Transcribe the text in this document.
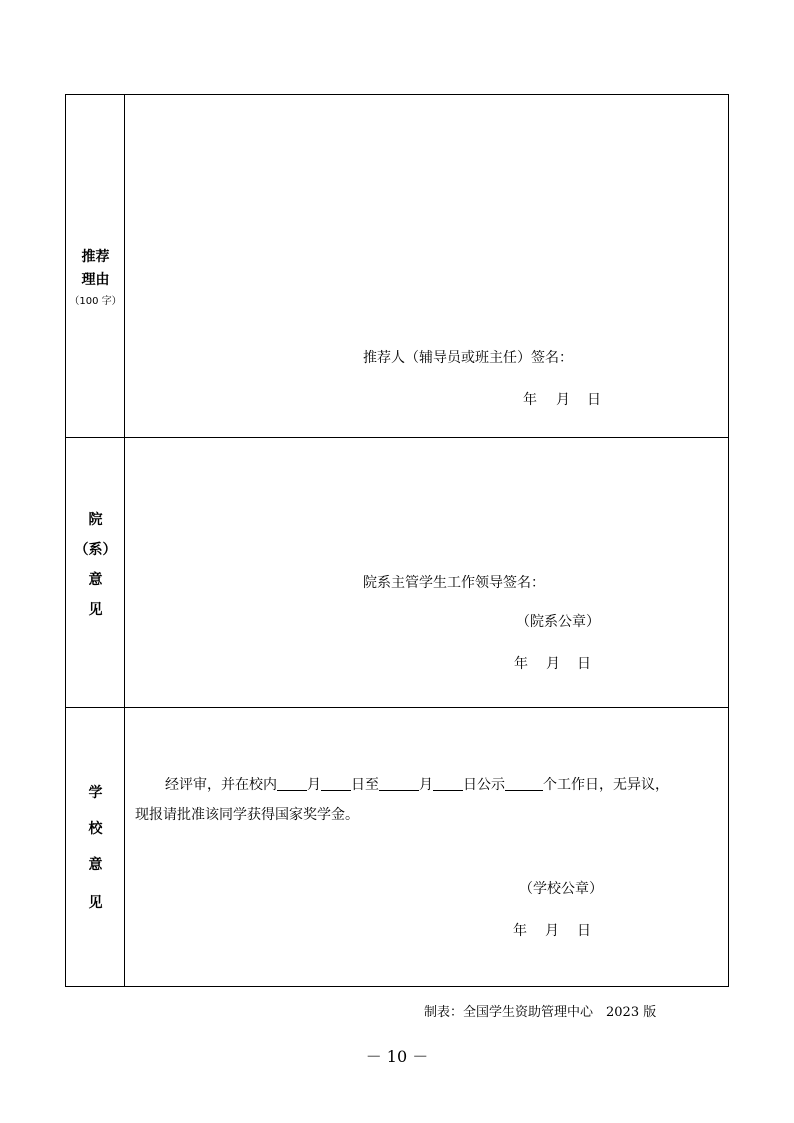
推荐
理由
（100 字）
推荐人（辅导员或班主任）签名：
年 月 日
院
（系）
意
见
院系主管学生工作领导签名：
（院系公章）
年 月 日
学
校
意
见
经评审，并在校内 月 日至	月 日公示	个工作日，无异议，
现报请批准该同学获得国家奖学金。
（学校公章）
年 月 日
制表：全国学生资助管理中心　2023 版
－ 10 －
